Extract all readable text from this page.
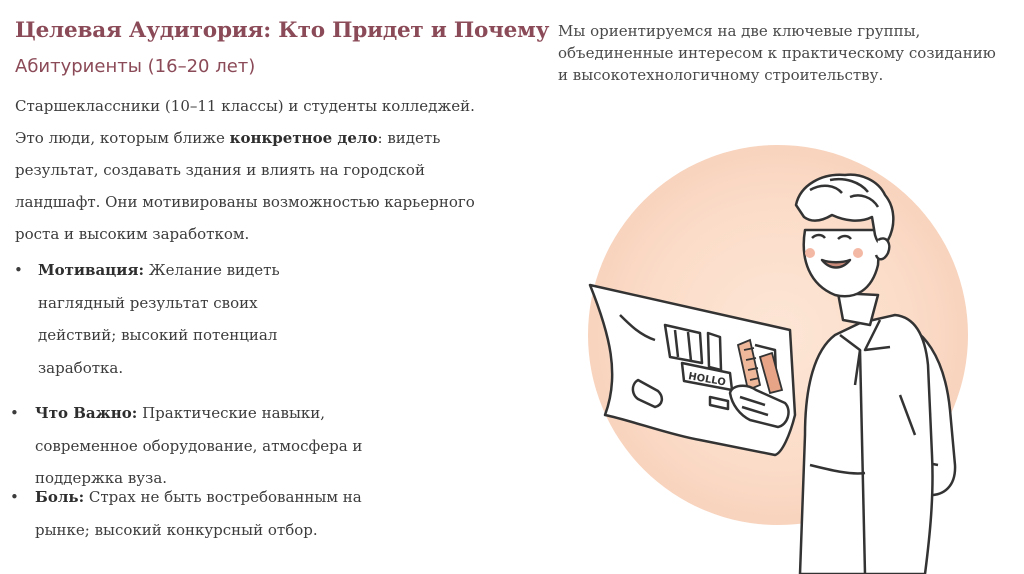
Целевая Аудитория: Кто Придет и Почему
Абитуриенты (16–20 лет)
Старшеклассники (10–11 классы) и студенты колледжей.
Это люди, которым ближе конкретное дело: видеть результат, создавать здания и влиять на городской ландшафт. Они мотивированы возможностью карьерного роста и высоким заработком.
• Мотивация: Желание видеть наглядный результат своих действий; высокий потенциал заработка.
• Что Важно: Практические навыки, современное оборудование, атмосфера и поддержка вуза.
• Боль: Страх не быть востребованным на рынке; высокий конкурсный отбор.
Мы ориентируемся на две ключевые группы, объединенные интересом к практическому созиданию и высокотехнологичному строительству.
HOLLO
